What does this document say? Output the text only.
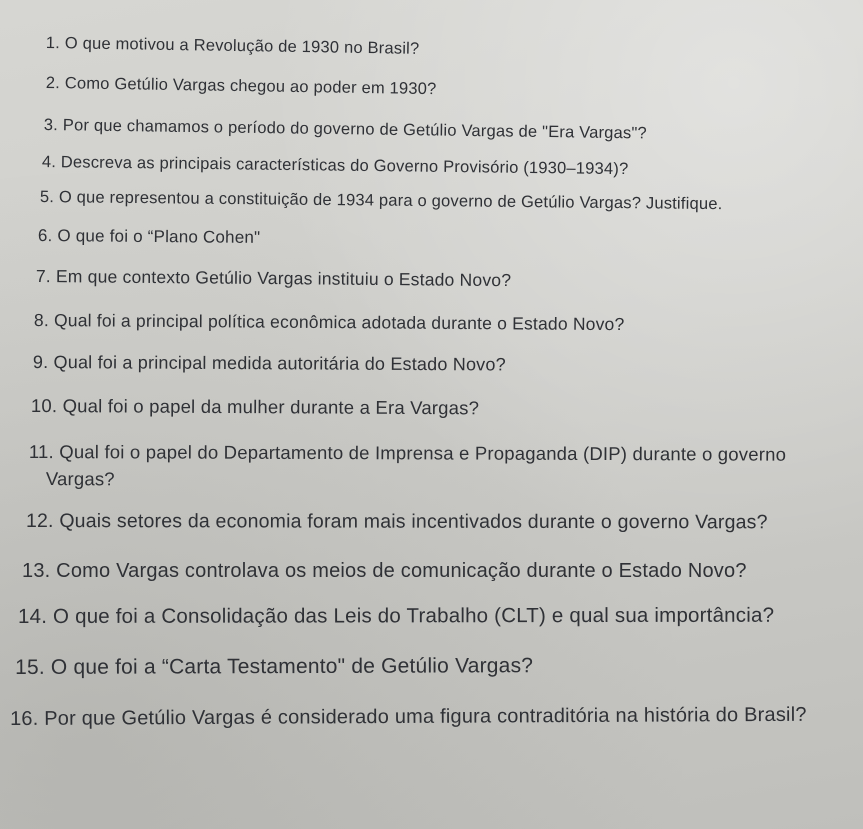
1. O que motivou a Revolução de 1930 no Brasil?

2. Como Getúlio Vargas chegou ao poder em 1930?

3. Por que chamamos o período do governo de Getúlio Vargas de "Era Vargas"?

4. Descreva as principais características do Governo Provisório (1930–1934)?

5. O que representou a constituição de 1934 para o governo de Getúlio Vargas? Justifique.

6. O que foi o “Plano Cohen"

7. Em que contexto Getúlio Vargas instituiu o Estado Novo?

8. Qual foi a principal política econômica adotada durante o Estado Novo?

9. Qual foi a principal medida autoritária do Estado Novo?

10. Qual foi o papel da mulher durante a Era Vargas?

11. Qual foi o papel do Departamento de Imprensa e Propaganda (DIP) durante o governo
Vargas?

12. Quais setores da economia foram mais incentivados durante o governo Vargas?

13. Como Vargas controlava os meios de comunicação durante o Estado Novo?

14. O que foi a Consolidação das Leis do Trabalho (CLT) e qual sua importância?

15. O que foi a “Carta Testamento" de Getúlio Vargas?

16. Por que Getúlio Vargas é considerado uma figura contraditória na história do Brasil?
